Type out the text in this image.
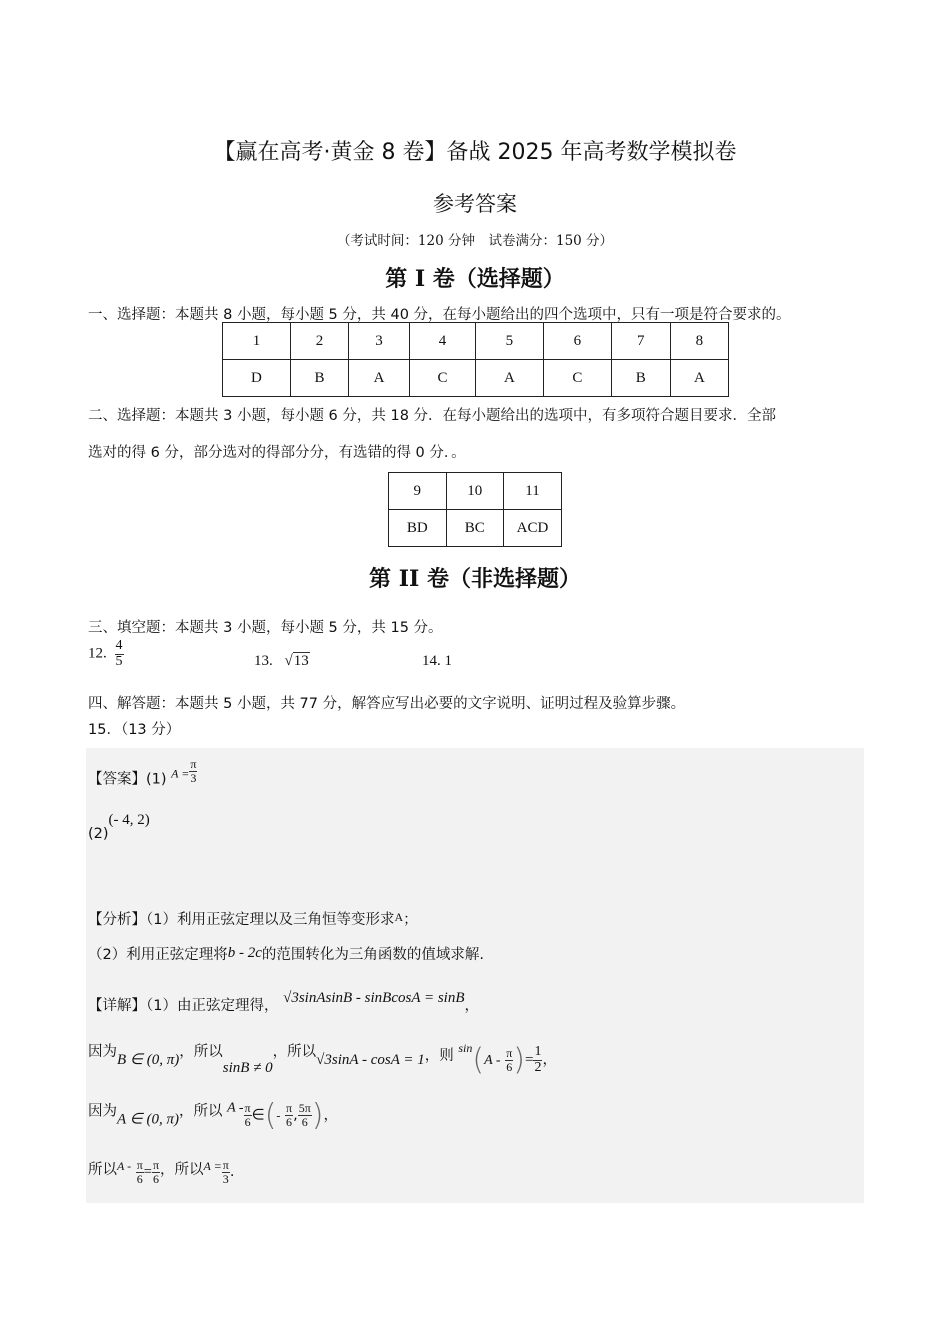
【赢在高考·黄金 8 卷】备战 2025 年高考数学模拟卷
参考答案
（考试时间：120 分钟　试卷满分：150 分）
第 I 卷（选择题）
一、选择题：本题共 8 小题，每小题 5 分，共 40 分，在每小题给出的四个选项中，只有一项是符合要求的。
1	2	3	4	5	6	7	8
D	B	A	C	A	C	B	A
二、选择题：本题共 3 小题，每小题 6 分，共 18 分．在每小题给出的选项中，有多项符合题目要求．全部
选对的得 6 分，部分选对的得部分分，有选错的得 0 分．。
9	10	11
BD	BC	ACD
第 II 卷（非选择题）
三、填空题：本题共 3 小题，每小题 5 分，共 15 分。
12. $\frac{4}{5}$	13. √13	14. 1
四、解答题：本题共 5 小题，共 77 分，解答应写出必要的文字说明、证明过程及验算步骤。
15．（13 分）
【答案】(1) $^{A =} \frac{\pi}{3}$
(2)(- 4, 2)
【分析】（1）利用正弦定理以及三角恒等变形求$^A$；
（2）利用正弦定理将b - 2c的范围转化为三角函数的值域求解.
【详解】（1）由正弦定理得， √3sinAsinB - sinBcosA = sinB，
因为B ∈ (0, π)，所以sinB ≠ 0，所以√3sinA - cosA = 1，则 $^{sin}(A - \frac{\pi}{6}$ )= $\frac{1}{2}$ ，
因为A ∈ (0, π)，所以 A - $\frac{\pi}{6}$ ∈(- $\frac{\pi}{6}$ , $\frac{5\pi}{6}$ )，
所以$^{A -} \frac{\pi}{6} = \frac{\pi}{6}$ ，所以$^{A =} \frac{\pi}{3}$ .
